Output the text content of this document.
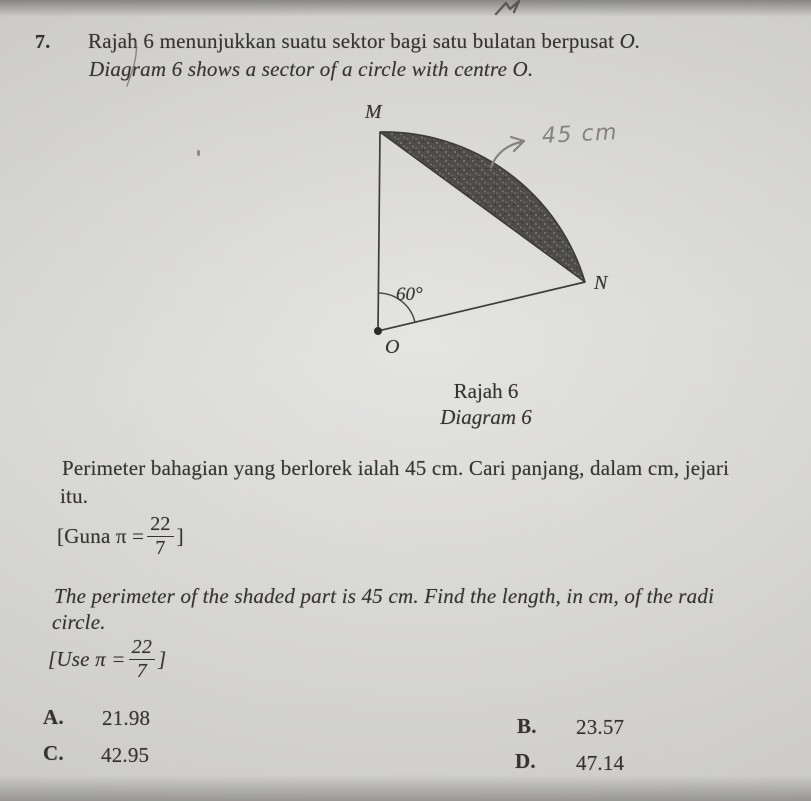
7. Rajah 6 menunjukkan suatu sektor bagi satu bulatan berpusat O.
Diagram 6 shows a sector of a circle with centre O.
M
N
O
60°
45 cm
Rajah 6
Diagram 6
Perimeter bahagian yang berlorek ialah 45 cm. Cari panjang, dalam cm, jejari
itu.
[Guna $\pi = \frac{22}{7}$ ]
The perimeter of the shaded part is 45 cm. Find the length, in cm, of the radi
circle.
[Use $\pi = \frac{22}{7}$ ]
A. 21.98	B. 23.57
C. 42.95	D. 47.14
